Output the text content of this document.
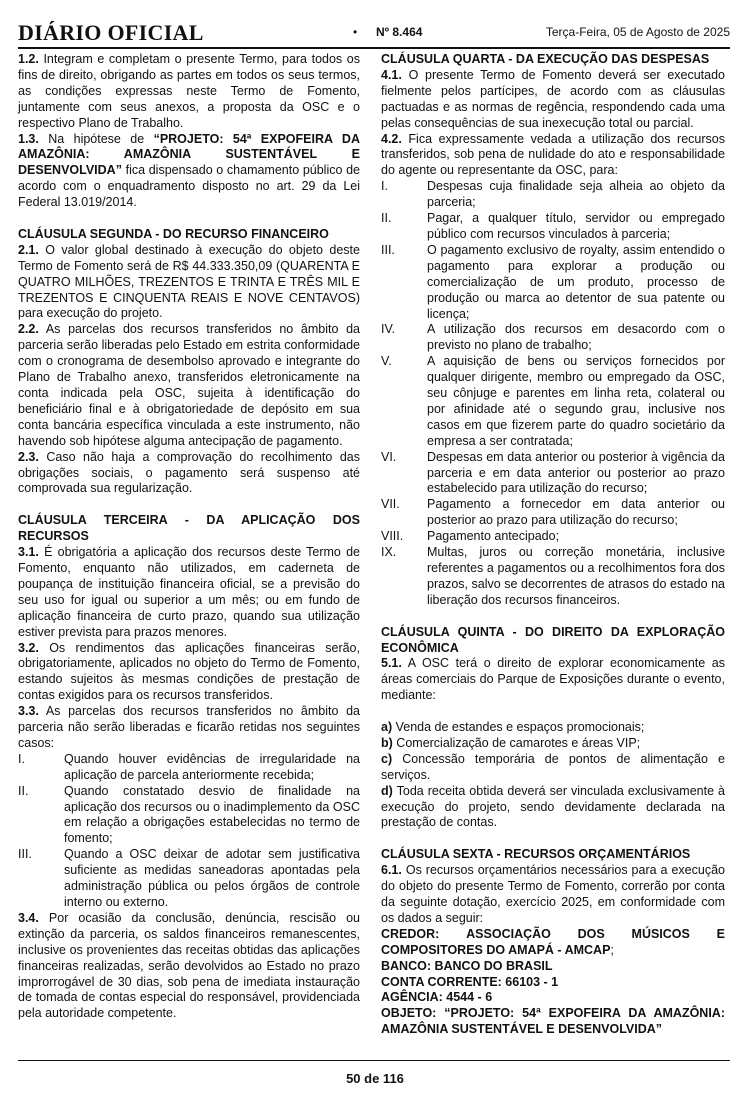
DIÁRIO OFICIAL	• Nº 8.464	Terça-Feira, 05 de Agosto de 2025

1.2. Integram e completam o presente Termo, para todos os fins de direito, obrigando as partes em todos os seus termos, as condições expressas neste Termo de Fomento, juntamente com seus anexos, a proposta da OSC e o respectivo Plano de Trabalho.

1.3. Na hipótese de “PROJETO: 54ª EXPOFEIRA DA AMAZÔNIA: AMAZÔNIA SUSTENTÁVEL E DESENVOLVIDA” fica dispensado o chamamento público de acordo com o enquadramento disposto no art. 29 da Lei Federal 13.019/2014.

CLÁUSULA SEGUNDA - DO RECURSO FINANCEIRO

2.1. O valor global destinado à execução do objeto deste Termo de Fomento será de R$ 44.333.350,09 (QUARENTA E QUATRO MILHÕES, TREZENTOS E TRINTA E TRÊS MIL E TREZENTOS E CINQUENTA REAIS E NOVE CENTAVOS) para execução do projeto.

2.2. As parcelas dos recursos transferidos no âmbito da parceria serão liberadas pelo Estado em estrita conformidade com o cronograma de desembolso aprovado e integrante do Plano de Trabalho anexo, transferidos eletronicamente na conta indicada pela OSC, sujeita à identificação do beneficiário final e à obrigatoriedade de depósito em sua conta bancária específica vinculada a este instrumento, não havendo sob hipótese alguma antecipação de pagamento.

2.3. Caso não haja a comprovação do recolhimento das obrigações sociais, o pagamento será suspenso até comprovada sua regularização.

CLÁUSULA TERCEIRA - DA APLICAÇÃO DOS RECURSOS

3.1. É obrigatória a aplicação dos recursos deste Termo de Fomento, enquanto não utilizados, em caderneta de poupança de instituição financeira oficial, se a previsão do seu uso for igual ou superior a um mês; ou em fundo de aplicação financeira de curto prazo, quando sua utilização estiver prevista para prazos menores.

3.2. Os rendimentos das aplicações financeiras serão, obrigatoriamente, aplicados no objeto do Termo de Fomento, estando sujeitos às mesmas condições de prestação de contas exigidos para os recursos transferidos.

3.3. As parcelas dos recursos transferidos no âmbito da parceria não serão liberadas e ficarão retidas nos seguintes casos:

I.	Quando houver evidências de irregularidade na aplicação de parcela anteriormente recebida;
II.	Quando constatado desvio de finalidade na aplicação dos recursos ou o inadimplemento da OSC em relação a obrigações estabelecidas no termo de fomento;
III.	Quando a OSC deixar de adotar sem justificativa suficiente as medidas saneadoras apontadas pela administração pública ou pelos órgãos de controle interno ou externo.

3.4. Por ocasião da conclusão, denúncia, rescisão ou extinção da parceria, os saldos financeiros remanescentes, inclusive os provenientes das receitas obtidas das aplicações financeiras realizadas, serão devolvidos ao Estado no prazo improrrogável de 30 dias, sob pena de imediata instauração de tomada de contas especial do responsável, providenciada pela autoridade competente.

CLÁUSULA QUARTA - DA EXECUÇÃO DAS DESPESAS

4.1. O presente Termo de Fomento deverá ser executado fielmente pelos partícipes, de acordo com as cláusulas pactuadas e as normas de regência, respondendo cada uma pelas consequências de sua inexecução total ou parcial.

4.2. Fica expressamente vedada a utilização dos recursos transferidos, sob pena de nulidade do ato e responsabilidade do agente ou representante da OSC, para:

I.	Despesas cuja finalidade seja alheia ao objeto da parceria;
II.	Pagar, a qualquer título, servidor ou empregado público com recursos vinculados à parceria;
III.	O pagamento exclusivo de royalty, assim entendido o pagamento para explorar a produção ou comercialização de um produto, processo de produção ou marca ao detentor de sua patente ou licença;
IV.	A utilização dos recursos em desacordo com o previsto no plano de trabalho;
V.	A aquisição de bens ou serviços fornecidos por qualquer dirigente, membro ou empregado da OSC, seu cônjuge e parentes em linha reta, colateral ou por afinidade até o segundo grau, inclusive nos casos em que fizerem parte do quadro societário da empresa a ser contratada;
VI.	Despesas em data anterior ou posterior à vigência da parceria e em data anterior ou posterior ao prazo estabelecido para utilização do recurso;
VII.	Pagamento a fornecedor em data anterior ou posterior ao prazo para utilização do recurso;
VIII.	Pagamento antecipado;
IX.	Multas, juros ou correção monetária, inclusive referentes a pagamentos ou a recolhimentos fora dos prazos, salvo se decorrentes de atrasos do estado na liberação dos recursos financeiros.

CLÁUSULA QUINTA - DO DIREITO DA EXPLORAÇÃO ECONÔMICA

5.1. A OSC terá o direito de explorar economicamente as áreas comerciais do Parque de Exposições durante o evento, mediante:

a) Venda de estandes e espaços promocionais;

b) Comercialização de camarotes e áreas VIP;

c) Concessão temporária de pontos de alimentação e serviços.

d) Toda receita obtida deverá ser vinculada exclusivamente à execução do projeto, sendo devidamente declarada na prestação de contas.

CLÁUSULA SEXTA - RECURSOS ORÇAMENTÁRIOS

6.1. Os recursos orçamentários necessários para a execução do objeto do presente Termo de Fomento, correrão por conta da seguinte dotação, exercício 2025, em conformidade com os dados a seguir:

CREDOR: ASSOCIAÇÃO DOS MÚSICOS E COMPOSITORES DO AMAPÁ - AMCAP;

BANCO: BANCO DO BRASIL

CONTA CORRENTE: 66103 - 1

AGÊNCIA: 4544 - 6

OBJETO: “PROJETO: 54ª EXPOFEIRA DA AMAZÔNIA: AMAZÔNIA SUSTENTÁVEL E DESENVOLVIDA”

50 de 116
